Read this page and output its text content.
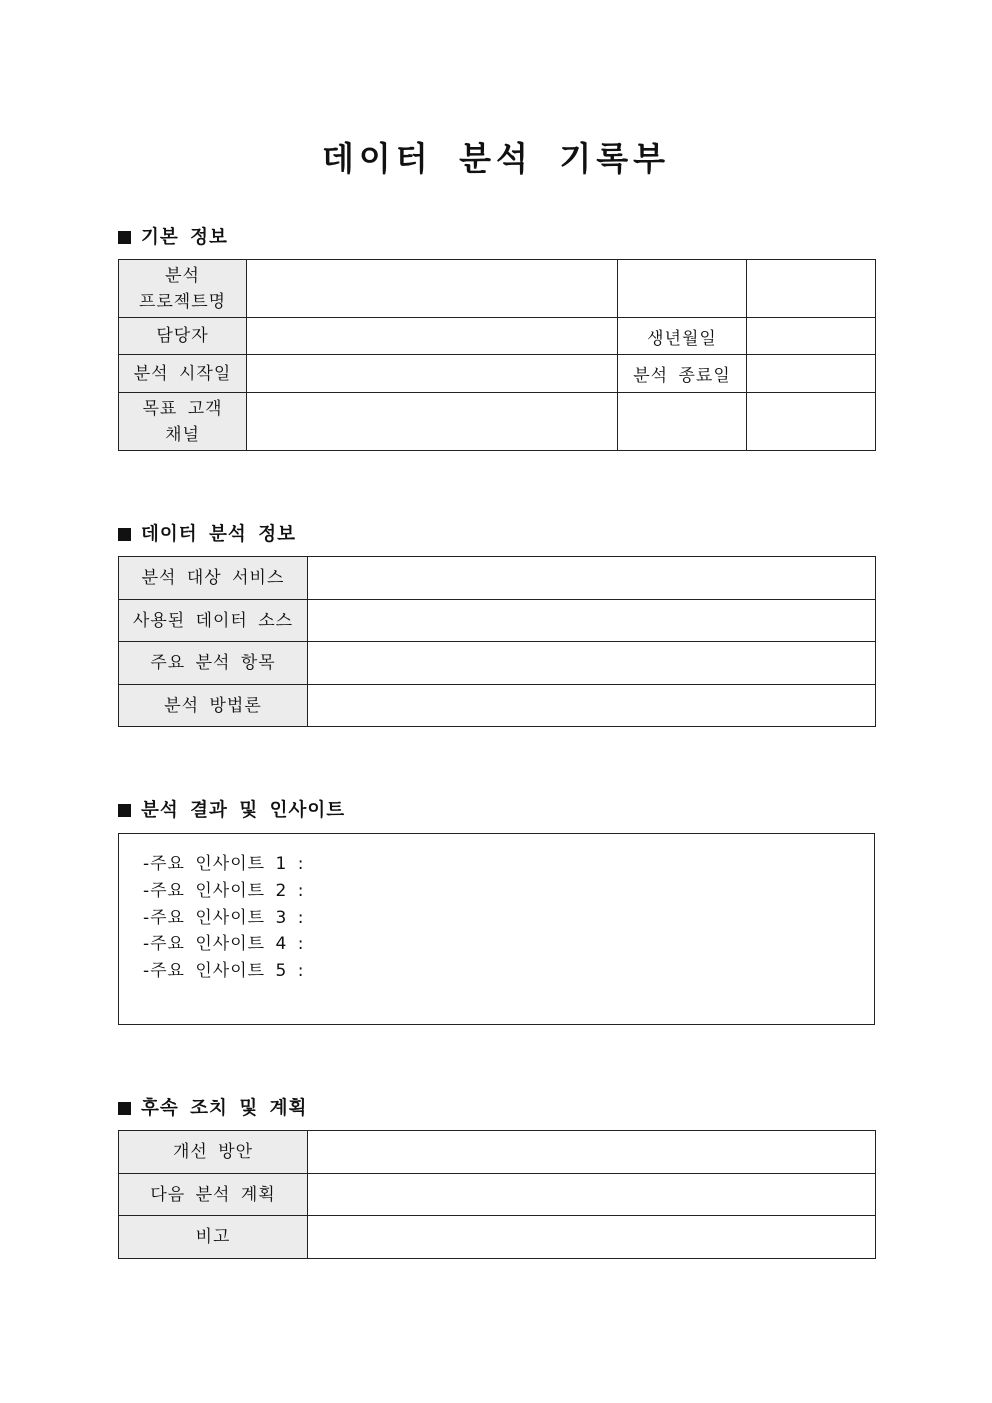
데이터 분석 기록부
기본 정보
분석
프로젝트명			

담당자		생년월일	
분석 시작일		분석 종료일	

목표 고객
채널			

데이터 분석 정보
분석 대상 서비스	
사용된 데이터 소스	
주요 분석 항목	
분석 방법론	
분석 결과 및 인사이트
-주요 인사이트 1 :
-주요 인사이트 2 :
-주요 인사이트 3 :
-주요 인사이트 4 :
-주요 인사이트 5 :
후속 조치 및 계획
개선 방안	
다음 분석 계획	
비고	
